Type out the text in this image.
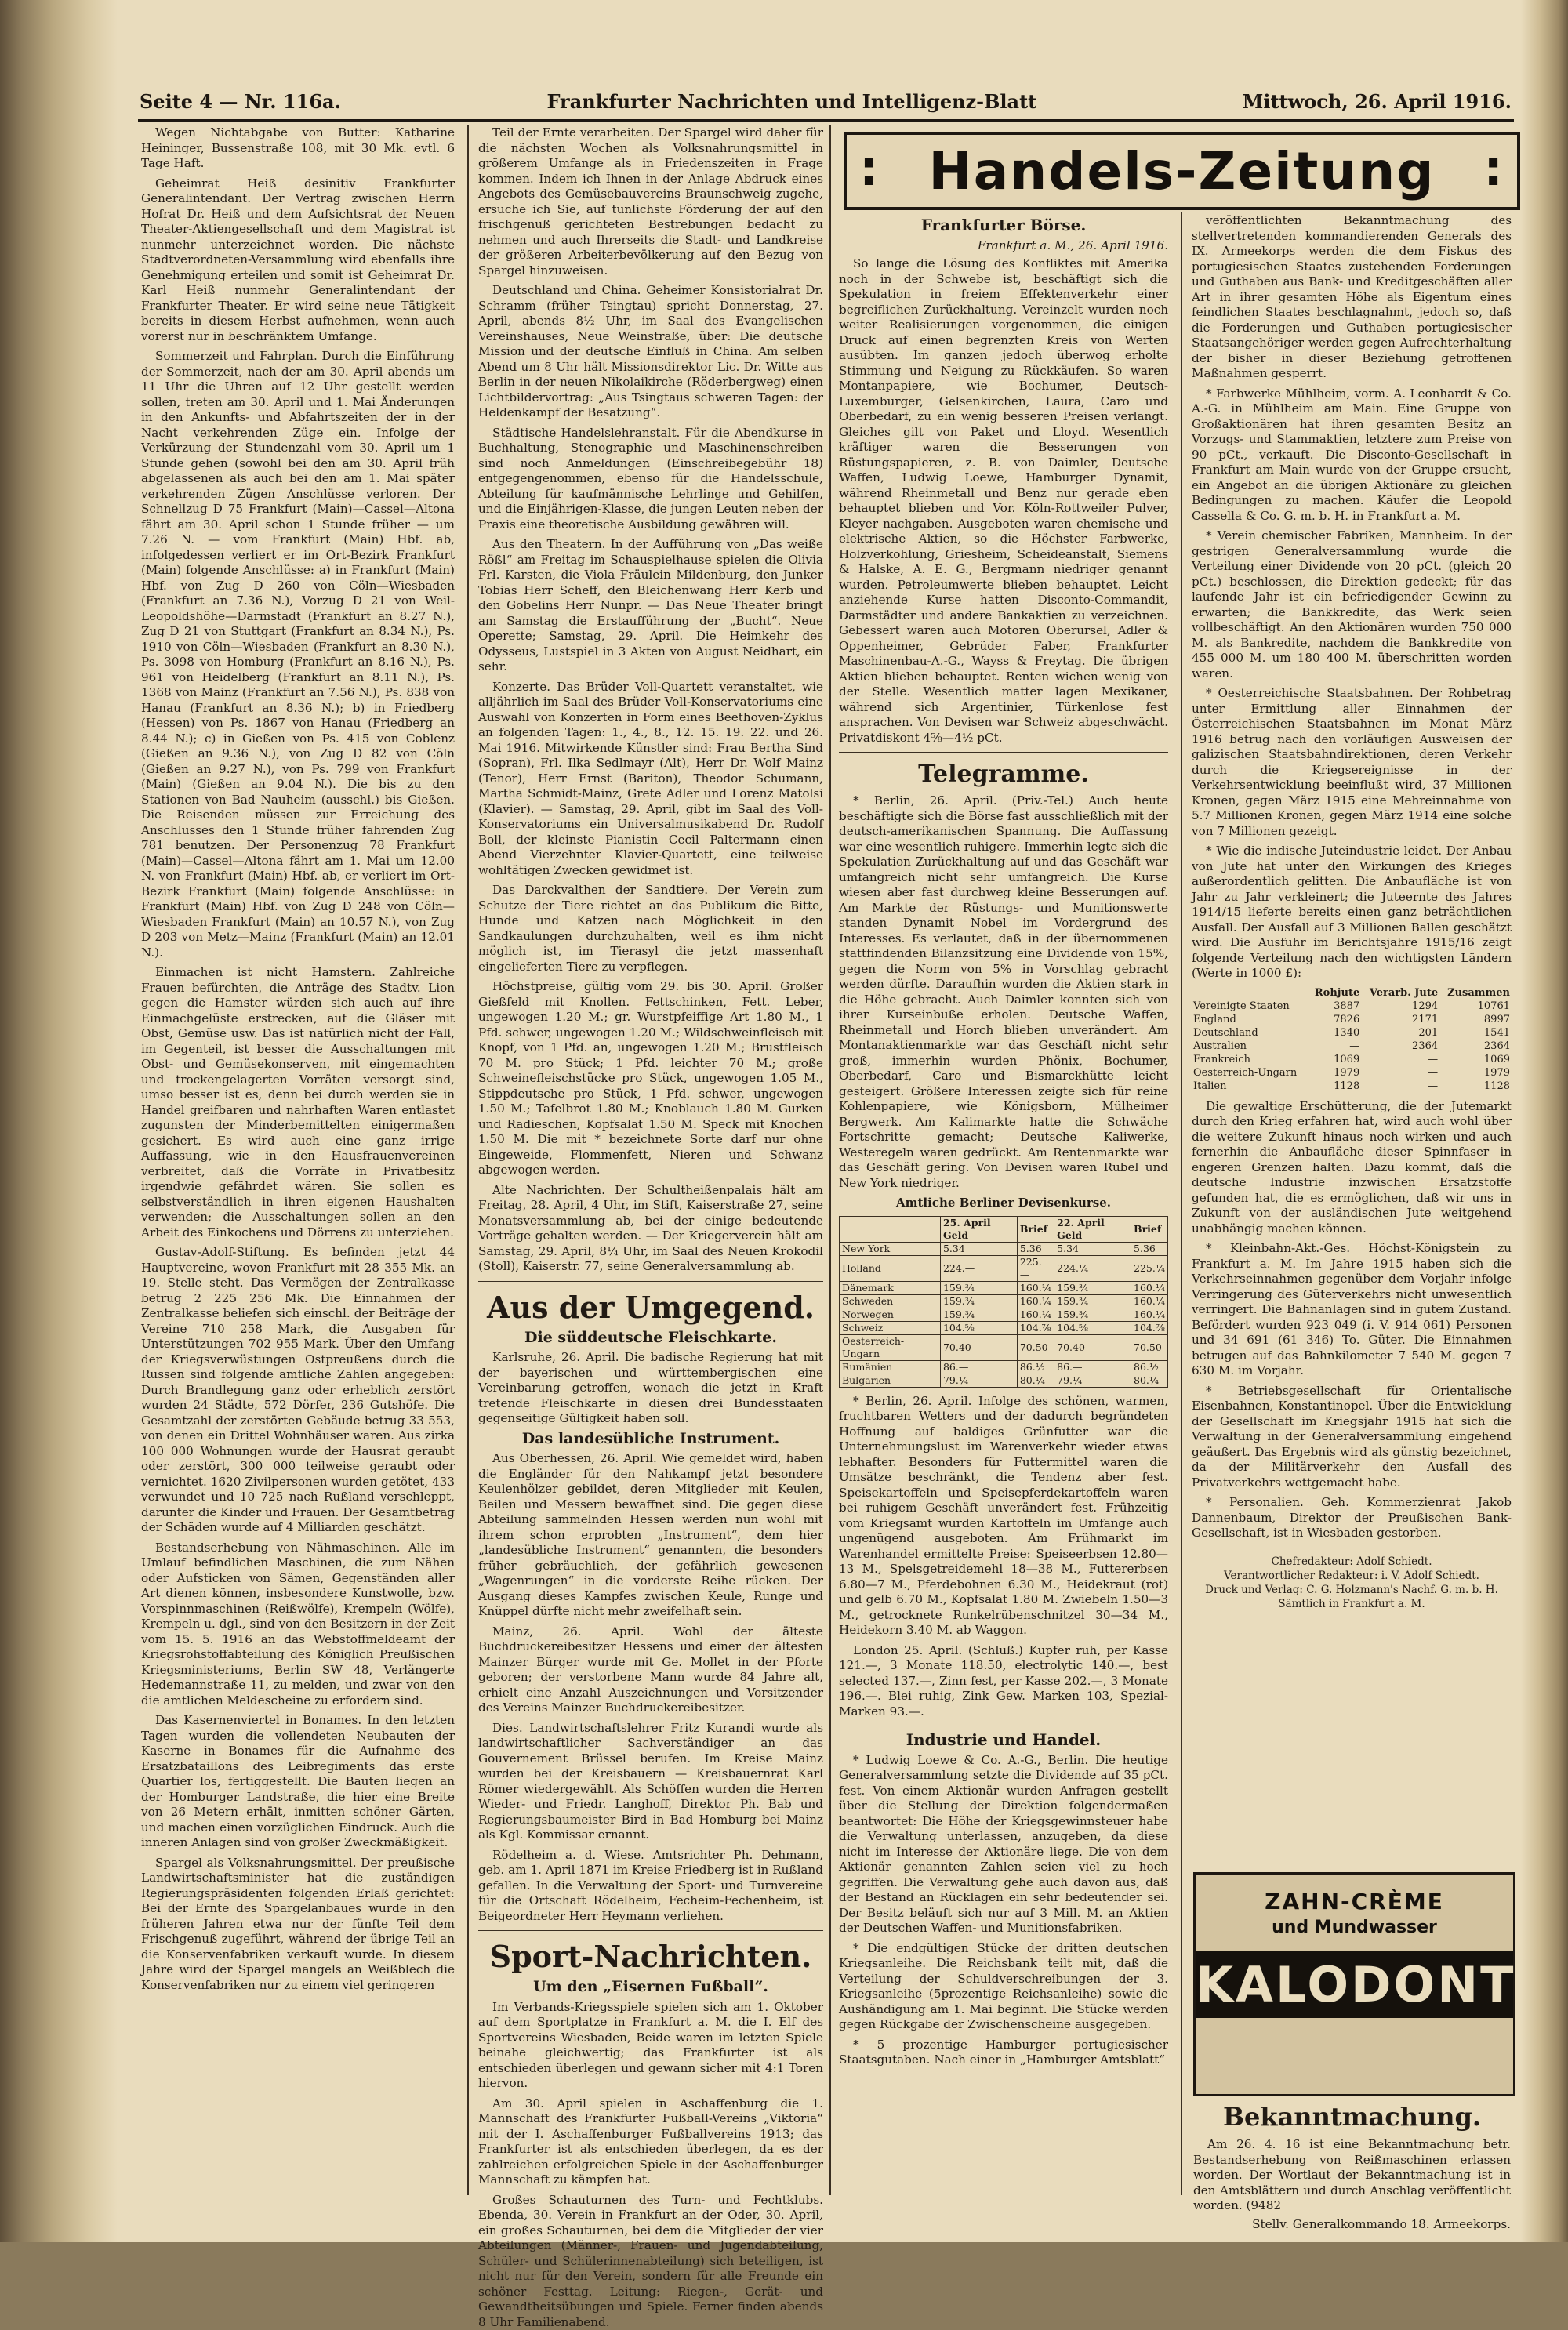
Seite 4 — Nr. 116a.	Frankfurter Nachrichten und Intelligenz-Blatt	Mittwoch, 26. April 1916.

Wegen Nichtabgabe von Butter: Katharine Heininger, Bussenstraße 108, mit 30 Mk. evtl. 6 Tage Haft.

Geheimrat Heiß desinitiv Frankfurter Generalintendant. Der Vertrag zwischen Herrn Hofrat Dr. Heiß und dem Aufsichtsrat der Neuen Theater-Aktiengesellschaft und dem Magistrat ist nunmehr unterzeichnet worden. Die nächste Stadtverordneten-Versammlung wird ebenfalls ihre Genehmigung erteilen und somit ist Geheimrat Dr. Karl Heiß nunmehr Generalintendant der Frankfurter Theater. Er wird seine neue Tätigkeit bereits in diesem Herbst aufnehmen, wenn auch vorerst nur in beschränktem Umfange.

Sommerzeit und Fahrplan. Durch die Einführung der Sommerzeit, nach der am 30. April abends um 11 Uhr die Uhren auf 12 Uhr gestellt werden sollen, treten am 30. April und 1. Mai Änderungen in den Ankunfts- und Abfahrtszeiten der in der Nacht verkehrenden Züge ein. Infolge der Verkürzung der Stundenzahl vom 30. April um 1 Stunde gehen (sowohl bei den am 30. April früh abgelassenen als auch bei den am 1. Mai später verkehrenden Zügen Anschlüsse verloren. Der Schnellzug D 75 Frankfurt (Main)—Cassel—Altona fährt am 30. April schon 1 Stunde früher — um 7.26 N. — vom Frankfurt (Main) Hbf. ab, infolgedessen verliert er im Ort-Bezirk Frankfurt (Main) folgende Anschlüsse: a) in Frankfurt (Main) Hbf. von Zug D 260 von Cöln—Wiesbaden (Frankfurt an 7.36 N.), Vorzug D 21 von Weil-Leopoldshöhe—Darmstadt (Frankfurt an 8.27 N.), Zug D 21 von Stuttgart (Frankfurt an 8.34 N.), Ps. 1910 von Cöln—Wiesbaden (Frankfurt an 8.30 N.), Ps. 3098 von Homburg (Frankfurt an 8.16 N.), Ps. 961 von Heidelberg (Frankfurt an 8.11 N.), Ps. 1368 von Mainz (Frankfurt an 7.56 N.), Ps. 838 von Hanau (Frankfurt an 8.36 N.); b) in Friedberg (Hessen) von Ps. 1867 von Hanau (Friedberg an 8.44 N.); c) in Gießen von Ps. 415 von Coblenz (Gießen an 9.36 N.), von Zug D 82 von Cöln (Gießen an 9.27 N.), von Ps. 799 von Frankfurt (Main) (Gießen an 9.04 N.). Die bis zu den Stationen von Bad Nauheim (ausschl.) bis Gießen. Die Reisenden müssen zur Erreichung des Anschlusses den 1 Stunde früher fahrenden Zug 781 benutzen. Der Personenzug 78 Frankfurt (Main)—Cassel—Altona fährt am 1. Mai um 12.00 N. von Frankfurt (Main) Hbf. ab, er verliert im Ort-Bezirk Frankfurt (Main) folgende Anschlüsse: in Frankfurt (Main) Hbf. von Zug D 248 von Cöln—Wiesbaden Frankfurt (Main) an 10.57 N.), von Zug D 203 von Metz—Mainz (Frankfurt (Main) an 12.01 N.).

Einmachen ist nicht Hamstern. Zahlreiche Frauen befürchten, die Anträge des Stadtv. Lion gegen die Hamster würden sich auch auf ihre Einmachgelüste erstrecken, auf die Gläser mit Obst, Gemüse usw. Das ist natürlich nicht der Fall, im Gegenteil, ist besser die Ausschaltungen mit Obst- und Gemüsekonserven, mit eingemachten und trockengelagerten Vorräten versorgt sind, umso besser ist es, denn bei durch werden sie in Handel greifbaren und nahrhaften Waren entlastet zugunsten der Minderbemittelten einigermaßen gesichert. Es wird auch eine ganz irrige Auffassung, wie in den Hausfrauenvereinen verbreitet, daß die Vorräte in Privatbesitz irgendwie gefährdet wären. Sie sollen es selbstverständlich in ihren eigenen Haushalten verwenden; die Ausschaltungen sollen an den Arbeit des Einkochens und Dörrens zu unterziehen.

Gustav-Adolf-Stiftung. Es befinden jetzt 44 Hauptvereine, wovon Frankfurt mit 28 355 Mk. an 19. Stelle steht. Das Vermögen der Zentralkasse betrug 2 225 256 Mk. Die Einnahmen der Zentralkasse beliefen sich einschl. der Beiträge der Vereine 710 258 Mark, die Ausgaben für Unterstützungen 702 955 Mark. Über den Umfang der Kriegsverwüstungen Ostpreußens durch die Russen sind folgende amtliche Zahlen angegeben: Durch Brandlegung ganz oder erheblich zerstört wurden 24 Städte, 572 Dörfer, 236 Gutshöfe. Die Gesamtzahl der zerstörten Gebäude betrug 33 553, von denen ein Drittel Wohnhäuser waren. Aus zirka 100 000 Wohnungen wurde der Hausrat geraubt oder zerstört, 300 000 teilweise geraubt oder vernichtet. 1620 Zivilpersonen wurden getötet, 433 verwundet und 10 725 nach Rußland verschleppt, darunter die Kinder und Frauen. Der Gesamtbetrag der Schäden wurde auf 4 Milliarden geschätzt.

Bestandserhebung von Nähmaschinen. Alle im Umlauf befindlichen Maschinen, die zum Nähen oder Aufsticken von Sämen, Gegenständen aller Art dienen können, insbesondere Kunstwolle, bzw. Vorspinnmaschinen (Reißwölfe), Krempeln (Wölfe), Krempeln u. dgl., sind von den Besitzern in der Zeit vom 15. 5. 1916 an das Webstoffmeldeamt der Kriegsrohstoffabteilung des Königlich Preußischen Kriegsministeriums, Berlin SW 48, Verlängerte Hedemannstraße 11, zu melden, und zwar von den die amtlichen Meldescheine zu erfordern sind.

Das Kasernenviertel in Bonames. In den letzten Tagen wurden die vollendeten Neubauten der Kaserne in Bonames für die Aufnahme des Ersatzbataillons des Leibregiments das erste Quartier los, fertiggestellt. Die Bauten liegen an der Homburger Landstraße, die hier eine Breite von 26 Metern erhält, inmitten schöner Gärten, und machen einen vorzüglichen Eindruck. Auch die inneren Anlagen sind von großer Zweckmäßigkeit.

Spargel als Volksnahrungsmittel. Der preußische Landwirtschaftsminister hat die zuständigen Regierungspräsidenten folgenden Erlaß gerichtet: Bei der Ernte des Spargelanbaues wurde in den früheren Jahren etwa nur der fünfte Teil dem Frischgenuß zugeführt, während der übrige Teil an die Konservenfabriken verkauft wurde. In diesem Jahre wird der Spargel mangels an Weißblech die Konservenfabriken nur zu einem viel geringeren

Teil der Ernte verarbeiten. Der Spargel wird daher für die nächsten Wochen als Volksnahrungsmittel in größerem Umfange als in Friedenszeiten in Frage kommen. Indem ich Ihnen in der Anlage Abdruck eines Angebots des Gemüsebauvereins Braunschweig zugehe, ersuche ich Sie, auf tunlichste Förderung der auf den frischgenuß gerichteten Bestrebungen bedacht zu nehmen und auch Ihrerseits die Stadt- und Landkreise der größeren Arbeiterbevölkerung auf den Bezug von Spargel hinzuweisen.

Deutschland und China. Geheimer Konsistorialrat Dr. Schramm (früher Tsingtau) spricht Donnerstag, 27. April, abends 8½ Uhr, im Saal des Evangelischen Vereinshauses, Neue Weinstraße, über: Die deutsche Mission und der deutsche Einfluß in China. Am selben Abend um 8 Uhr hält Missionsdirektor Lic. Dr. Witte aus Berlin in der neuen Nikolaikirche (Röderbergweg) einen Lichtbildervortrag: „Aus Tsingtaus schweren Tagen: der Heldenkampf der Besatzung“.

Städtische Handelslehranstalt. Für die Abendkurse in Buchhaltung, Stenographie und Maschinenschreiben sind noch Anmeldungen (Einschreibegebühr 18) entgegengenommen, ebenso für die Handelsschule, Abteilung für kaufmännische Lehrlinge und Gehilfen, und die Einjährigen-Klasse, die jungen Leuten neben der Praxis eine theoretische Ausbildung gewähren will.

Aus den Theatern. In der Aufführung von „Das weiße Rößl“ am Freitag im Schauspielhause spielen die Olivia Frl. Karsten, die Viola Fräulein Mildenburg, den Junker Tobias Herr Scheff, den Bleichenwang Herr Kerb und den Gobelins Herr Nunpr. — Das Neue Theater bringt am Samstag die Erstaufführung der „Bucht“. Neue Operette; Samstag, 29. April. Die Heimkehr des Odysseus, Lustspiel in 3 Akten von August Neidhart, ein sehr.

Konzerte. Das Brüder Voll-Quartett veranstaltet, wie alljährlich im Saal des Brüder Voll-Konservatoriums eine Auswahl von Konzerten in Form eines Beethoven-Zyklus an folgenden Tagen: 1., 4., 8., 12. 15. 19. 22. und 26. Mai 1916. Mitwirkende Künstler sind: Frau Bertha Sind (Sopran), Frl. Ilka Sedlmayr (Alt), Herr Dr. Wolf Mainz (Tenor), Herr Ernst (Bariton), Theodor Schumann, Martha Schmidt-Mainz, Grete Adler und Lorenz Matolsi (Klavier). — Samstag, 29. April, gibt im Saal des Voll-Konservatoriums ein Universalmusikabend Dr. Rudolf Boll, der kleinste Pianistin Cecil Paltermann einen Abend Vierzehnter Klavier-Quartett, eine teilweise wohltätigen Zwecken gewidmet ist.

Das Darckvalthen der Sandtiere. Der Verein zum Schutze der Tiere richtet an das Publikum die Bitte, Hunde und Katzen nach Möglichkeit in den Sandkaulungen durchzuhalten, weil es ihm nicht möglich ist, im Tierasyl die jetzt massenhaft eingelieferten Tiere zu verpflegen.

Höchstpreise, gültig vom 29. bis 30. April. Großer Gießfeld mit Knollen. Fettschinken, Fett. Leber, ungewogen 1.20 M.; gr. Wurstpfeiffige Art 1.80 M., 1 Pfd. schwer, ungewogen 1.20 M.; Wildschweinfleisch mit Knopf, von 1 Pfd. an, ungewogen 1.20 M.; Brustfleisch 70 M. pro Stück; 1 Pfd. leichter 70 M.; große Schweinefleischstücke pro Stück, ungewogen 1.05 M., Stippdeutsche pro Stück, 1 Pfd. schwer, ungewogen 1.50 M.; Tafelbrot 1.80 M.; Knoblauch 1.80 M. Gurken und Radieschen, Kopfsalat 1.50 M. Speck mit Knochen 1.50 M. Die mit * bezeichnete Sorte darf nur ohne Eingeweide, Flommenfett, Nieren und Schwanz abgewogen werden.

Alte Nachrichten. Der Schultheißenpalais hält am Freitag, 28. April, 4 Uhr, im Stift, Kaiserstraße 27, seine Monatsversammlung ab, bei der einige bedeutende Vorträge gehalten werden. — Der Kriegerverein hält am Samstag, 29. April, 8¼ Uhr, im Saal des Neuen Krokodil (Stoll), Kaiserstr. 77, seine Generalversammlung ab.

Aus der Umgegend.
Die süddeutsche Fleischkarte.

Karlsruhe, 26. April. Die badische Regierung hat mit der bayerischen und württembergischen eine Vereinbarung getroffen, wonach die jetzt in Kraft tretende Fleischkarte in diesen drei Bundesstaaten gegenseitige Gültigkeit haben soll.

Das landesübliche Instrument.

Aus Oberhessen, 26. April. Wie gemeldet wird, haben die Engländer für den Nahkampf jetzt besondere Keulenhölzer gebildet, deren Mitglieder mit Keulen, Beilen und Messern bewaffnet sind. Die gegen diese Abteilung sammelnden Hessen werden nun wohl mit ihrem schon erprobten „Instrument“, dem hier „landesübliche Instrument“ genannten, die besonders früher gebräuchlich, der gefährlich gewesenen „Wagenrungen“ in die vorderste Reihe rücken. Der Ausgang dieses Kampfes zwischen Keule, Runge und Knüppel dürfte nicht mehr zweifelhaft sein.

Mainz, 26. April. Wohl der älteste Buchdruckereibesitzer Hessens und einer der ältesten Mainzer Bürger wurde mit Ge. Mollet in der Pforte geboren; der verstorbene Mann wurde 84 Jahre alt, erhielt eine Anzahl Auszeichnungen und Vorsitzender des Vereins Mainzer Buchdruckereibesitzer.

Dies. Landwirtschaftslehrer Fritz Kurandi wurde als landwirtschaftlicher Sachverständiger an das Gouvernement Brüssel berufen. Im Kreise Mainz wurden bei der Kreisbauern — Kreisbauernrat Karl Römer wiedergewählt. Als Schöffen wurden die Herren Wieder- und Friedr. Langhoff, Direktor Ph. Bab und Regierungsbaumeister Bird in Bad Homburg bei Mainz als Kgl. Kommissar ernannt.

Rödelheim a. d. Wiese. Amtsrichter Ph. Dehmann, geb. am 1. April 1871 im Kreise Friedberg ist in Rußland gefallen. In die Verwaltung der Sport- und Turnvereine für die Ortschaft Rödelheim, Fecheim-Fechenheim, ist Beigeordneter Herr Heymann verliehen.

Sport-Nachrichten.
Um den „Eisernen Fußball“.

Im Verbands-Kriegsspiele spielen sich am 1. Oktober auf dem Sportplatze in Frankfurt a. M. die I. Elf des Sportvereins Wiesbaden, Beide waren im letzten Spiele beinahe gleichwertig; das Frankfurter ist als entschieden überlegen und gewann sicher mit 4:1 Toren hiervon.

Am 30. April spielen in Aschaffenburg die 1. Mannschaft des Frankfurter Fußball-Vereins „Viktoria“ mit der I. Aschaffenburger Fußballvereins 1913; das Frankfurter ist als entschieden überlegen, da es der zahlreichen erfolgreichen Spiele in der Aschaffenburger Mannschaft zu kämpfen hat.

Großes Schauturnen des Turn- und Fechtklubs. Ebenda, 30. Verein in Frankfurt an der Oder, 30. April, ein großes Schauturnen, bei dem die Mitglieder der vier Abteilungen (Männer-, Frauen- und Jugendabteilung, Schüler- und Schülerinnenabteilung) sich beteiligen, ist nicht nur für den Verein, sondern für alle Freunde ein schöner Festtag. Leitung: Riegen-, Gerät- und Gewandtheitsübungen und Spiele. Ferner finden abends 8 Uhr Familienabend.

: Handels-Zeitung :
Frankfurter Börse.
Frankfurt a. M., 26. April 1916.

So lange die Lösung des Konfliktes mit Amerika noch in der Schwebe ist, beschäftigt sich die Spekulation in freiem Effektenverkehr einer begreiflichen Zurückhaltung. Vereinzelt wurden noch weiter Realisierungen vorgenommen, die einigen Druck auf einen begrenzten Kreis von Werten ausübten. Im ganzen jedoch überwog erholte Stimmung und Neigung zu Rückkäufen. So waren Montanpapiere, wie Bochumer, Deutsch-Luxemburger, Gelsenkirchen, Laura, Caro und Oberbedarf, zu ein wenig besseren Preisen verlangt. Gleiches gilt von Paket und Lloyd. Wesentlich kräftiger waren die Besserungen von Rüstungspapieren, z. B. von Daimler, Deutsche Waffen, Ludwig Loewe, Hamburger Dynamit, während Rheinmetall und Benz nur gerade eben behauptet blieben und Vor. Köln-Rottweiler Pulver, Kleyer nachgaben. Ausgeboten waren chemische und elektrische Aktien, so die Höchster Farbwerke, Holzverkohlung, Griesheim, Scheideanstalt, Siemens & Halske, A. E. G., Bergmann niedriger genannt wurden. Petroleumwerte blieben behauptet. Leicht anziehende Kurse hatten Disconto-Commandit, Darmstädter und andere Bankaktien zu verzeichnen. Gebessert waren auch Motoren Oberursel, Adler & Oppenheimer, Gebrüder Faber, Frankfurter Maschinenbau-A.-G., Wayss & Freytag. Die übrigen Aktien blieben behauptet. Renten wichen wenig von der Stelle. Wesentlich matter lagen Mexikaner, während sich Argentinier, Türkenlose fest ansprachen. Von Devisen war Schweiz abgeschwächt. Privatdiskont 4⅝—4½ pCt.

Telegramme.

* Berlin, 26. April. (Priv.-Tel.) Auch heute beschäftigte sich die Börse fast ausschließlich mit der deutsch-amerikanischen Spannung. Die Auffassung war eine wesentlich ruhigere. Immerhin legte sich die Spekulation Zurückhaltung auf und das Geschäft war umfangreich nicht sehr umfangreich. Die Kurse wiesen aber fast durchweg kleine Besserungen auf. Am Markte der Rüstungs- und Munitionswerte standen Dynamit Nobel im Vordergrund des Interesses. Es verlautet, daß in der übernommenen stattfindenden Bilanzsitzung eine Dividende von 15%, gegen die Norm von 5% in Vorschlag gebracht werden dürfte. Daraufhin wurden die Aktien stark in die Höhe gebracht. Auch Daimler konnten sich von ihrer Kurseinbuße erholen. Deutsche Waffen, Rheinmetall und Horch blieben unverändert. Am Montanaktienmarkte war das Geschäft nicht sehr groß, immerhin wurden Phönix, Bochumer, Oberbedarf, Caro und Bismarckhütte leicht gesteigert. Größere Interessen zeigte sich für reine Kohlenpapiere, wie Königsborn, Mülheimer Bergwerk. Am Kalimarkte hatte die Schwäche Fortschritte gemacht; Deutsche Kaliwerke, Westeregeln waren gedrückt. Am Rentenmarkte war das Geschäft gering. Von Devisen waren Rubel und New York niedriger.

Amtliche Berliner Devisenkurse.
	25. April Geld	Brief	22. April Geld	Brief
New York	5.34	5.36	5.34	5.36
Holland	224.—	225.—	224.¼	225.¼
Dänemark	159.¾	160.¼	159.¾	160.¼
Schweden	159.¾	160.¼	159.¾	160.¼
Norwegen	159.¾	160.¼	159.¾	160.¼
Schweiz	104.⅝	104.⅞	104.⅝	104.⅞
Oesterreich-Ungarn	70.40	70.50	70.40	70.50
Rumänien	86.—	86.½	86.—	86.½
Bulgarien	79.¼	80.¼	79.¼	80.¼

* Berlin, 26. April. Infolge des schönen, warmen, fruchtbaren Wetters und der dadurch begründeten Hoffnung auf baldiges Grünfutter war die Unternehmungslust im Warenverkehr wieder etwas lebhafter. Besonders für Futtermittel waren die Umsätze beschränkt, die Tendenz aber fest. Speisekartoffeln und Speisepferdekartoffeln waren bei ruhigem Geschäft unverändert fest. Frühzeitig vom Kriegsamt wurden Kartoffeln im Umfange auch ungenügend ausgeboten. Am Frühmarkt im Warenhandel ermittelte Preise: Speiseerbsen 12.80—13 M., Spelsgetreidemehl 18—38 M., Futtererbsen 6.80—7 M., Pferdebohnen 6.30 M., Heidekraut (rot) und gelb 6.70 M., Kopfsalat 1.80 M. Zwiebeln 1.50—3 M., getrocknete Runkelrübenschnitzel 30—34 M., Heidekorn 3.40 M. ab Waggon.

London 25. April. (Schluß.) Kupfer ruh, per Kasse 121.—, 3 Monate 118.50, electrolytic 140.—, best selected 137.—, Zinn fest, per Kasse 202.—, 3 Monate 196.—. Blei ruhig, Zink Gew. Marken 103, Spezial-Marken 93.—.

Industrie und Handel.

* Ludwig Loewe & Co. A.-G., Berlin. Die heutige Generalversammlung setzte die Dividende auf 35 pCt. fest. Von einem Aktionär wurden Anfragen gestellt über die Stellung der Direktion folgendermaßen beantwortet: Die Höhe der Kriegsgewinnsteuer habe die Verwaltung unterlassen, anzugeben, da diese nicht im Interesse der Aktionäre liege. Die von dem Aktionär genannten Zahlen seien viel zu hoch gegriffen. Die Verwaltung gehe auch davon aus, daß der Bestand an Rücklagen ein sehr bedeutender sei. Der Besitz beläuft sich nur auf 3 Mill. M. an Aktien der Deutschen Waffen- und Munitionsfabriken.

* Die endgültigen Stücke der dritten deutschen Kriegsanleihe. Die Reichsbank teilt mit, daß die Verteilung der Schuldverschreibungen der 3. Kriegsanleihe (5prozentige Reichsanleihe) sowie die Aushändigung am 1. Mai beginnt. Die Stücke werden gegen Rückgabe der Zwischenscheine ausgegeben.

* 5 prozentige Hamburger portugiesischer Staatsgutaben. Nach einer in „Hamburger Amtsblatt“

veröffentlichten Bekanntmachung des stellvertretenden kommandierenden Generals des IX. Armeekorps werden die dem Fiskus des portugiesischen Staates zustehenden Forderungen und Guthaben aus Bank- und Kreditgeschäften aller Art in ihrer gesamten Höhe als Eigentum eines feindlichen Staates beschlagnahmt, jedoch so, daß die Forderungen und Guthaben portugiesischer Staatsangehöriger werden gegen Aufrechterhaltung der bisher in dieser Beziehung getroffenen Maßnahmen gesperrt.

* Farbwerke Mühlheim, vorm. A. Leonhardt & Co. A.-G. in Mühlheim am Main. Eine Gruppe von Großaktionären hat ihren gesamten Besitz an Vorzugs- und Stammaktien, letztere zum Preise von 90 pCt., verkauft. Die Disconto-Gesellschaft in Frankfurt am Main wurde von der Gruppe ersucht, ein Angebot an die übrigen Aktionäre zu gleichen Bedingungen zu machen. Käufer die Leopold Cassella & Co. G. m. b. H. in Frankfurt a. M.

* Verein chemischer Fabriken, Mannheim. In der gestrigen Generalversammlung wurde die Verteilung einer Dividende von 20 pCt. (gleich 20 pCt.) beschlossen, die Direktion gedeckt; für das laufende Jahr ist ein befriedigender Gewinn zu erwarten; die Bankkredite, das Werk seien vollbeschäftigt. An den Aktionären wurden 750 000 M. als Bankredite, nachdem die Bankkredite von 455 000 M. um 180 400 M. überschritten worden waren.

* Oesterreichische Staatsbahnen. Der Rohbetrag unter Ermittlung aller Einnahmen der Österreichischen Staatsbahnen im Monat März 1916 betrug nach den vorläufigen Ausweisen der galizischen Staatsbahndirektionen, deren Verkehr durch die Kriegsereignisse in der Verkehrsentwicklung beeinflußt wird, 37 Millionen Kronen, gegen März 1915 eine Mehreinnahme von 5.7 Millionen Kronen, gegen März 1914 eine solche von 7 Millionen gezeigt.

* Wie die indische Juteindustrie leidet. Der Anbau von Jute hat unter den Wirkungen des Krieges außerordentlich gelitten. Die Anbaufläche ist von Jahr zu Jahr verkleinert; die Juteernte des Jahres 1914/15 lieferte bereits einen ganz beträchtlichen Ausfall. Der Ausfall auf 3 Millionen Ballen geschätzt wird. Die Ausfuhr im Berichtsjahre 1915/16 zeigt folgende Verteilung nach den wichtigsten Ländern (Werte in 1000 £):

	Rohjute	Verarb. Jute	Zusammen
Vereinigte Staaten	3887	1294	10761
England	7826	2171	8997
Deutschland	1340	201	1541
Australien	—	2364	2364
Frankreich	1069	—	1069
Oesterreich-Ungarn	1979	—	1979
Italien	1128	—	1128

Die gewaltige Erschütterung, die der Jutemarkt durch den Krieg erfahren hat, wird auch wohl über die weitere Zukunft hinaus noch wirken und auch fernerhin die Anbaufläche dieser Spinnfaser in engeren Grenzen halten. Dazu kommt, daß die deutsche Industrie inzwischen Ersatzstoffe gefunden hat, die es ermöglichen, daß wir uns in Zukunft von der ausländischen Jute weitgehend unabhängig machen können.

* Kleinbahn-Akt.-Ges. Höchst-Königstein zu Frankfurt a. M. Im Jahre 1915 haben sich die Verkehrseinnahmen gegenüber dem Vorjahr infolge Verringerung des Güterverkehrs nicht unwesentlich verringert. Die Bahnanlagen sind in gutem Zustand. Befördert wurden 923 049 (i. V. 914 061) Personen und 34 691 (61 346) To. Güter. Die Einnahmen betrugen auf das Bahnkilometer 7 540 M. gegen 7 630 M. im Vorjahr.

* Betriebsgesellschaft für Orientalische Eisenbahnen, Konstantinopel. Über die Entwicklung der Gesellschaft im Kriegsjahr 1915 hat sich die Verwaltung in der Generalversammlung eingehend geäußert. Das Ergebnis wird als günstig bezeichnet, da der Militärverkehr den Ausfall des Privatverkehrs wettgemacht habe.

* Personalien. Geh. Kommerzienrat Jakob Dannenbaum, Direktor der Preußischen Bank-Gesellschaft, ist in Wiesbaden gestorben.

Chefredakteur: Adolf Schiedt.
Verantwortlicher Redakteur: i. V. Adolf Schiedt.
Druck und Verlag: C. G. Holzmann's Nachf. G. m. b. H. Sämtlich in Frankfurt a. M.
ZAHN-CRÈME
und Mundwasser
KALODONT
Bekanntmachung.

Am 26. 4. 16 ist eine Bekanntmachung betr. Bestandserhebung von Reißmaschinen erlassen worden. Der Wortlaut der Bekanntmachung ist in den Amtsblättern und durch Anschlag veröffentlicht worden. (9482

Stellv. Generalkommando 18. Armeekorps.
